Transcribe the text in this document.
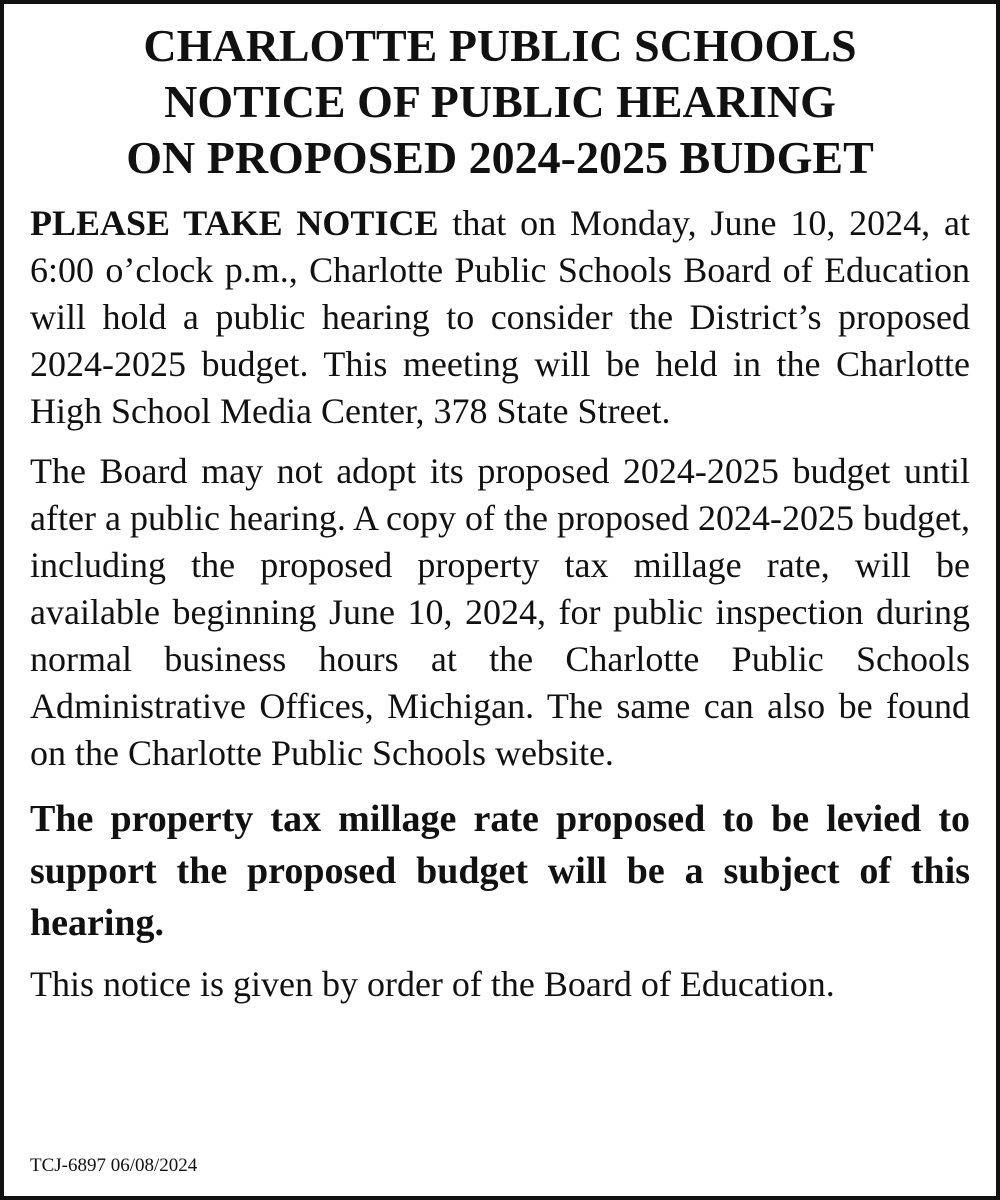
CHARLOTTE PUBLIC SCHOOLS
NOTICE OF PUBLIC HEARING
ON PROPOSED 2024-2025 BUDGET

PLEASE TAKE NOTICE that on Monday, June 10, 2024, at 6:00 o’clock p.m., Charlotte Public Schools Board of Education will hold a public hearing to consider the District’s proposed 2024-2025 budget. This meeting will be held in the Charlotte High School Media Center, 378 State Street.

The Board may not adopt its proposed 2024-2025 budget until after a public hearing. A copy of the proposed 2024-2025 budget, including the proposed property tax millage rate, will be available beginning June 10, 2024, for public inspection during normal business hours at the Charlotte Public Schools Administrative Offices, Michigan. The same can also be found on the Charlotte Public Schools website.

The property tax millage rate proposed to be levied to support the proposed budget will be a subject of this hearing.

This notice is given by order of the Board of Education.

TCJ-6897 06/08/2024
